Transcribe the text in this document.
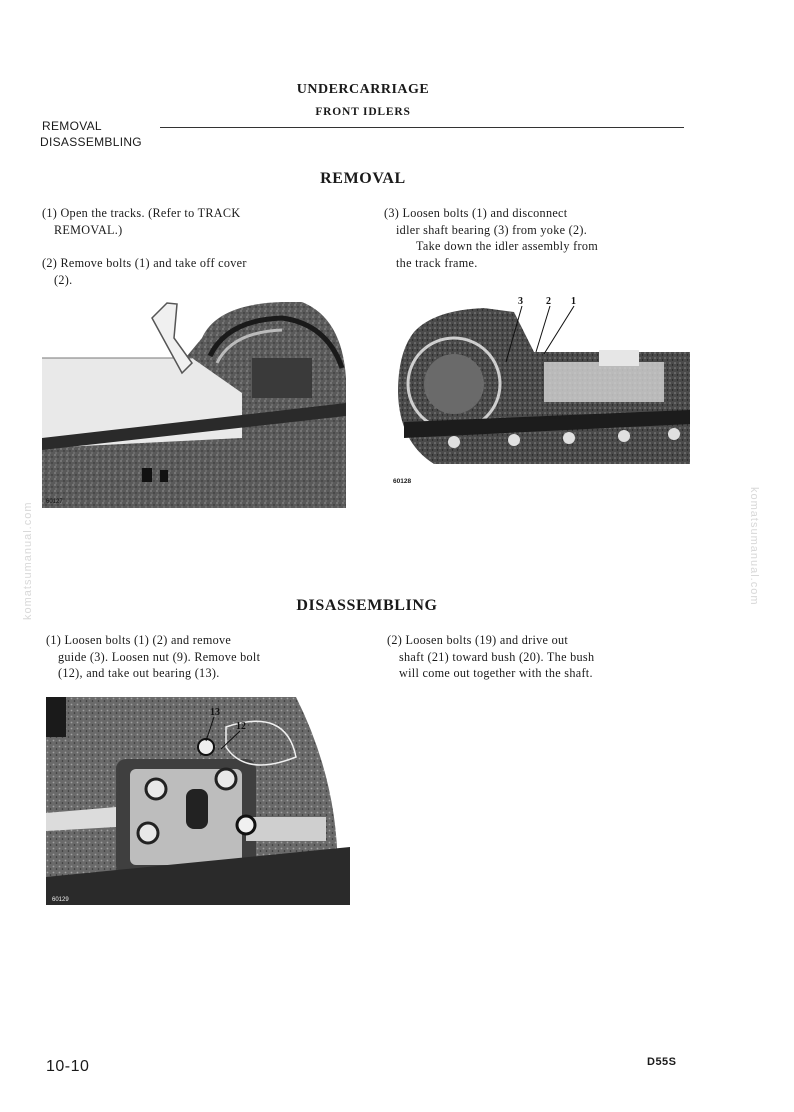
UNDERCARRIAGE
FRONT IDLERS
REMOVAL
DISASSEMBLING
REMOVAL
(1) Open the tracks. (Refer to TRACK
REMOVAL.)
(2) Remove bolts (1) and take off cover
(2).
(3) Loosen bolts (1) and disconnect
idler shaft bearing (3) from yoke (2).
Take down the idler assembly from
the track frame.
60127
3 2 1
60128
DISASSEMBLING
(1) Loosen bolts (1) (2) and remove
guide (3). Loosen nut (9). Remove bolt
(12), and take out bearing (13).
(2) Loosen bolts (19) and drive out
shaft (21) toward bush (20). The bush
will come out together with the shaft.
13
12
60129
10-10	D55S
komatsumanual.com	komatsumanual.com
